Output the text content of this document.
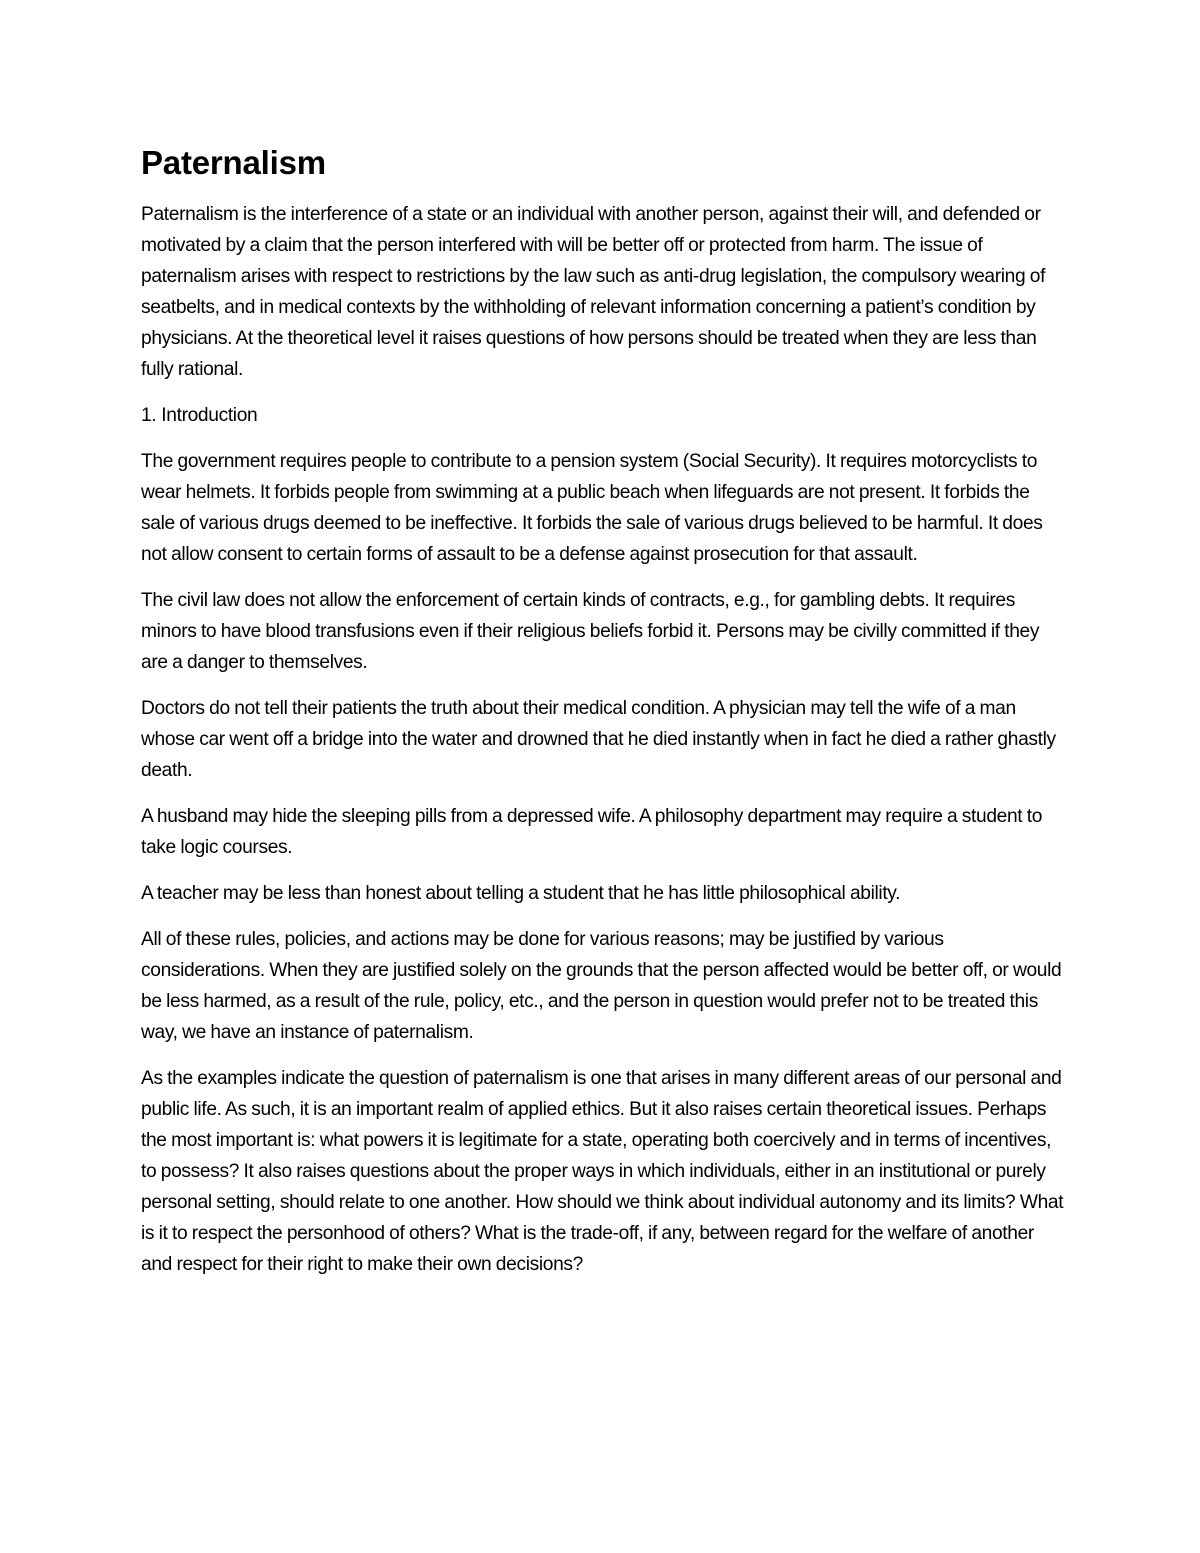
Paternalism

Paternalism is the interference of a state or an individual with another person, against their will, and defended or motivated by a claim that the person interfered with will be better off or protected from harm. The issue of paternalism arises with respect to restrictions by the law such as anti-drug legislation, the compulsory wearing of seatbelts, and in medical contexts by the withholding of relevant information concerning a patient’s condition by physicians. At the theoretical level it raises questions of how persons should be treated when they are less than fully rational.

1. Introduction

The government requires people to contribute to a pension system (Social Security). It requires motorcyclists to wear helmets. It forbids people from swimming at a public beach when lifeguards are not present. It forbids the sale of various drugs deemed to be ineffective. It forbids the sale of various drugs believed to be harmful. It does not allow consent to certain forms of assault to be a defense against prosecution for that assault.

The civil law does not allow the enforcement of certain kinds of contracts, e.g., for gambling debts. It requires minors to have blood transfusions even if their religious beliefs forbid it. Persons may be civilly committed if they are a danger to themselves.

Doctors do not tell their patients the truth about their medical condition. A physician may tell the wife of a man whose car went off a bridge into the water and drowned that he died instantly when in fact he died a rather ghastly death.

A husband may hide the sleeping pills from a depressed wife. A philosophy department may require a student to take logic courses.

A teacher may be less than honest about telling a student that he has little philosophical ability.

All of these rules, policies, and actions may be done for various reasons; may be justified by various considerations. When they are justified solely on the grounds that the person affected would be better off, or would be less harmed, as a result of the rule, policy, etc., and the person in question would prefer not to be treated this way, we have an instance of paternalism.

As the examples indicate the question of paternalism is one that arises in many different areas of our personal and public life. As such, it is an important realm of applied ethics. But it also raises certain theoretical issues. Perhaps the most important is: what powers it is legitimate for a state, operating both coercively and in terms of incentives, to possess? It also raises questions about the proper ways in which individuals, either in an institutional or purely personal setting, should relate to one another. How should we think about individual autonomy and its limits? What is it to respect the personhood of others? What is the trade-off, if any, between regard for the welfare of another and respect for their right to make their own decisions?
